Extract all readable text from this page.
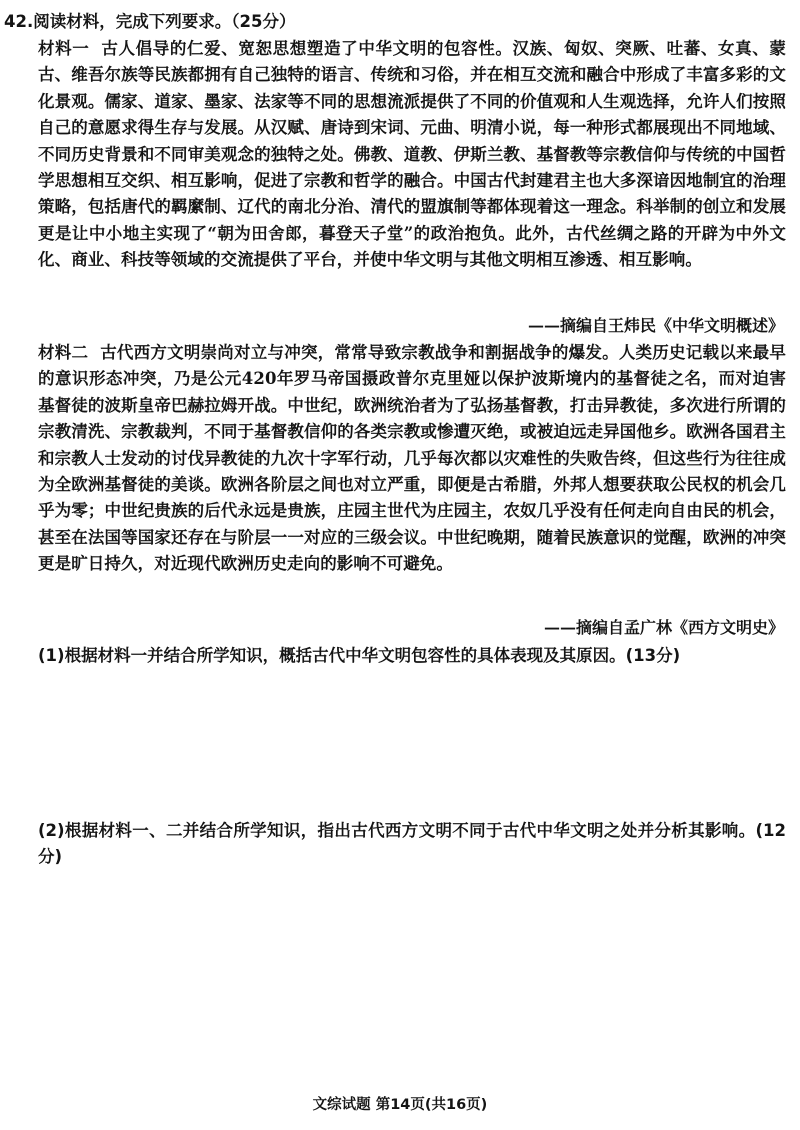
42.阅读材料，完成下列要求。（25分）
材料一 古人倡导的仁爱、宽恕思想塑造了中华文明的包容性。汉族、匈奴、突厥、吐蕃、女真、蒙古、维吾尔族等民族都拥有自己独特的语言、传统和习俗，并在相互交流和融合中形成了丰富多彩的文化景观。儒家、道家、墨家、法家等不同的思想流派提供了不同的价值观和人生观选择，允许人们按照自己的意愿求得生存与发展。从汉赋、唐诗到宋词、元曲、明清小说，每一种形式都展现出不同地域、不同历史背景和不同审美观念的独特之处。佛教、道教、伊斯兰教、基督教等宗教信仰与传统的中国哲学思想相互交织、相互影响，促进了宗教和哲学的融合。中国古代封建君主也大多深谙因地制宜的治理策略，包括唐代的羁縻制、辽代的南北分治、清代的盟旗制等都体现着这一理念。科举制的创立和发展更是让中小地主实现了“朝为田舍郎，暮登天子堂”的政治抱负。此外，古代丝绸之路的开辟为中外文化、商业、科技等领域的交流提供了平台，并使中华文明与其他文明相互渗透、相互影响。
——摘编自王炜民《中华文明概述》
材料二 古代西方文明崇尚对立与冲突，常常导致宗教战争和割据战争的爆发。人类历史记载以来最早的意识形态冲突，乃是公元420年罗马帝国摄政普尔克里娅以保护波斯境内的基督徒之名，而对迫害基督徒的波斯皇帝巴赫拉姆开战。中世纪，欧洲统治者为了弘扬基督教，打击异教徒，多次进行所谓的宗教清洗、宗教裁判，不同于基督教信仰的各类宗教或惨遭灭绝，或被迫远走异国他乡。欧洲各国君主和宗教人士发动的讨伐异教徒的九次十字军行动，几乎每次都以灾难性的失败告终，但这些行为往往成为全欧洲基督徒的美谈。欧洲各阶层之间也对立严重，即便是古希腊，外邦人想要获取公民权的机会几乎为零；中世纪贵族的后代永远是贵族，庄园主世代为庄园主，农奴几乎没有任何走向自由民的机会，甚至在法国等国家还存在与阶层一一对应的三级会议。中世纪晚期，随着民族意识的觉醒，欧洲的冲突更是旷日持久，对近现代欧洲历史走向的影响不可避免。
——摘编自孟广林《西方文明史》
(1)根据材料一并结合所学知识，概括古代中华文明包容性的具体表现及其原因。(13分)
(2)根据材料一、二并结合所学知识，指出古代西方文明不同于古代中华文明之处并分析其影响。(12分)
文综试题 第14页(共16页)
